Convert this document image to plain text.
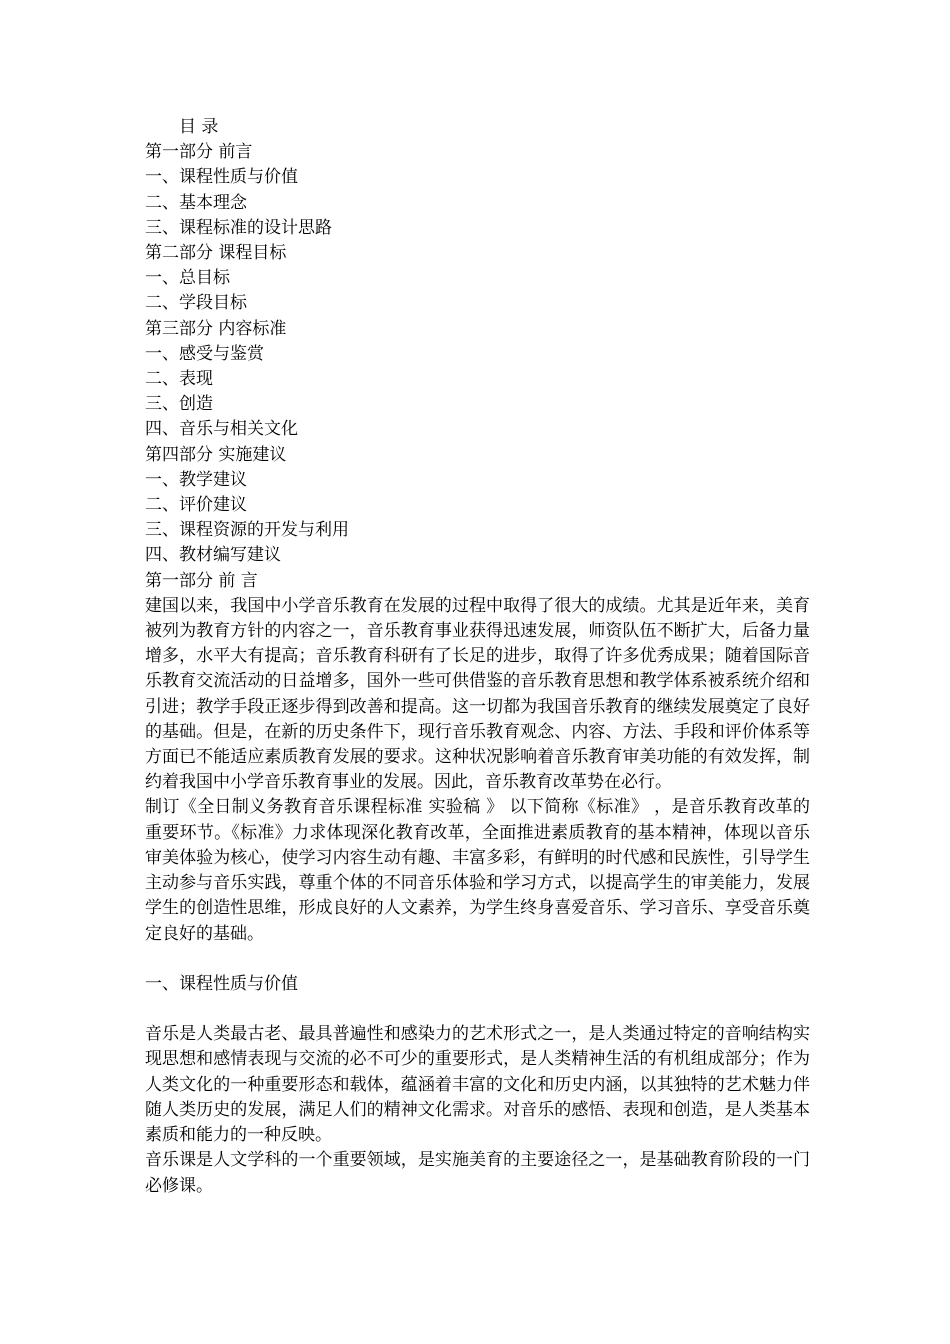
目 录
第一部分 前言
一、课程性质与价值
二、基本理念
三、课程标准的设计思路
第二部分 课程目标
一、总目标
二、学段目标
第三部分 内容标准
一、感受与鉴赏
二、表现
三、创造
四、音乐与相关文化
第四部分 实施建议
一、教学建议
二、评价建议
三、课程资源的开发与利用
四、教材编写建议
第一部分 前 言

建国以来，我国中小学音乐教育在发展的过程中取得了很大的成绩。尤其是近年来，美育被列为教育方针的内容之一，音乐教育事业获得迅速发展，师资队伍不断扩大，后备力量增多，水平大有提高；音乐教育科研有了长足的进步，取得了许多优秀成果；随着国际音乐教育交流活动的日益增多，国外一些可供借鉴的音乐教育思想和教学体系被系统介绍和引进；教学手段正逐步得到改善和提高。这一切都为我国音乐教育的继续发展奠定了良好的基础。但是，在新的历史条件下，现行音乐教育观念、内容、方法、手段和评价体系等方面已不能适应素质教育发展的要求。这种状况影响着音乐教育审美功能的有效发挥，制约着我国中小学音乐教育事业的发展。因此，音乐教育改革势在必行。

制订《全日制义务教育音乐课程标准 实验稿 》 以下简称《标准》 ，是音乐教育改革的重要环节。《标准》力求体现深化教育改革，全面推进素质教育的基本精神，体现以音乐审美体验为核心，使学习内容生动有趣、丰富多彩，有鲜明的时代感和民族性，引导学生主动参与音乐实践，尊重个体的不同音乐体验和学习方式，以提高学生的审美能力，发展学生的创造性思维，形成良好的人文素养，为学生终身喜爱音乐、学习音乐、享受音乐奠定良好的基础。

一、课程性质与价值

音乐是人类最古老、最具普遍性和感染力的艺术形式之一，是人类通过特定的音响结构实现思想和感情表现与交流的必不可少的重要形式，是人类精神生活的有机组成部分；作为人类文化的一种重要形态和载体，蕴涵着丰富的文化和历史内涵，以其独特的艺术魅力伴随人类历史的发展，满足人们的精神文化需求。对音乐的感悟、表现和创造，是人类基本素质和能力的一种反映。

音乐课是人文学科的一个重要领域，是实施美育的主要途径之一，是基础教育阶段的一门必修课。
